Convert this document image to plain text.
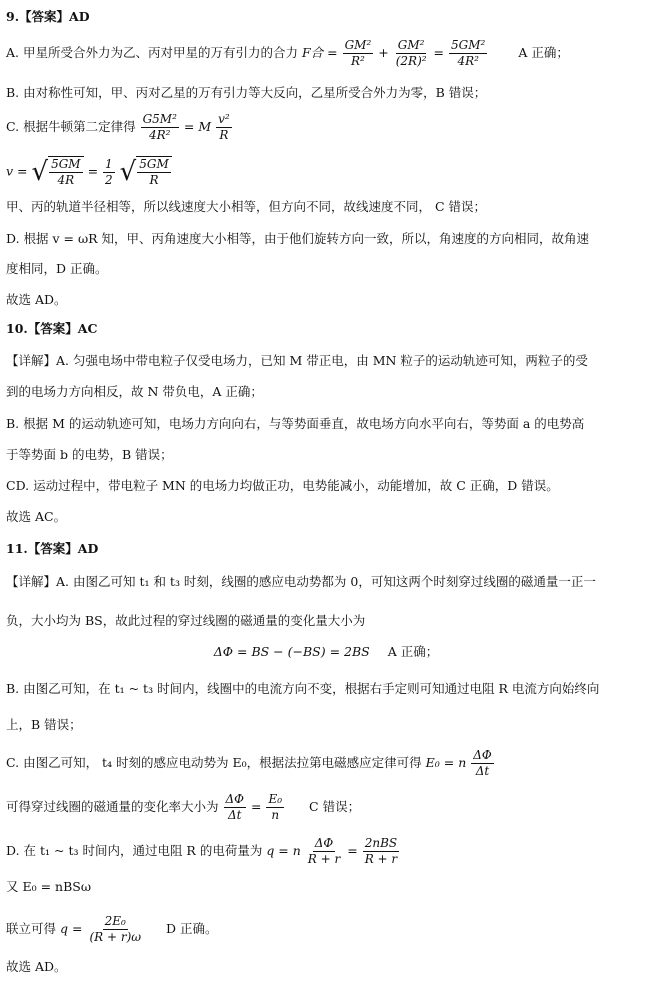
9.【答案】AD
A. 甲星所受合外力为乙、丙对甲星的万有引力的合力 F合 = $\frac{\text{GM²}}{\text{R²}} + \frac{\text{GM²}}{\text{(2R)²}} = \frac{\text{5GM²}}{\text{4R²}}$ A 正确；
B. 由对称性可知，甲、丙对乙星的万有引力等大反向，乙星所受合外力为零，B 错误；
C. 根据牛顿第二定律得 $\frac{\text{G5M²}}{\text{4R²}} = M \frac{\text{v²}}{R}$
v = √ $\frac{5GM}{4R} = \frac{1}{2}$
√ $\frac{5GM}{R}$
甲、丙的轨道半径相等，所以线速度大小相等，但方向不同，故线速度不同， C 错误；
D. 根据 v = ωR 知，甲、丙角速度大小相等，由于他们旋转方向一致，所以，角速度的方向相同，故角速
度相同，D 正确。
故选 AD。
10.【答案】AC
【详解】A. 匀强电场中带电粒子仅受电场力，已知 M 带正电，由 MN 粒子的运动轨迹可知，两粒子的受
到的电场力方向相反，故 N 带负电，A 正确；
B. 根据 M 的运动轨迹可知，电场力方向向右，与等势面垂直，故电场方向水平向右，等势面 a 的电势高
于等势面 b 的电势，B 错误；
CD. 运动过程中，带电粒子 MN 的电场力均做正功，电势能减小，动能增加，故 C 正确，D 错误。
故选 AC。
11.【答案】AD
【详解】A. 由图乙可知 t₁ 和 t₃ 时刻，线圈的感应电动势都为 0，可知这两个时刻穿过线圈的磁通量一正一
负，大小均为 BS，故此过程的穿过线圈的磁通量的变化量大小为
ΔΦ = BS − (−BS) = 2BS A 正确；
B. 由图乙可知，在 t₁ ~ t₃ 时间内，线圈中的电流方向不变，根据右手定则可知通过电阻 R 电流方向始终向
上，B 错误；
C. 由图乙可知， t₄ 时刻的感应电动势为 E₀，根据法拉第电磁感应定律可得 E₀ = n $\frac{\Delta\Phi}{\Delta t}$
可得穿过线圈的磁通量的变化率大小为 $\frac{\Delta\Phi}{\Delta t} = \frac{\text{E₀}}{n}$ C 错误；
D. 在 t₁ ~ t₃ 时间内，通过电阻 R 的电荷量为 q = n $\frac{\Delta\Phi}{R + r} = \frac{\text{2nBS}}{R + r}$
又 E₀ = nBSω
联立可得 $q = \frac{\text{2E₀}}{(R + r)\omega}$ D 正确。
故选 AD。
